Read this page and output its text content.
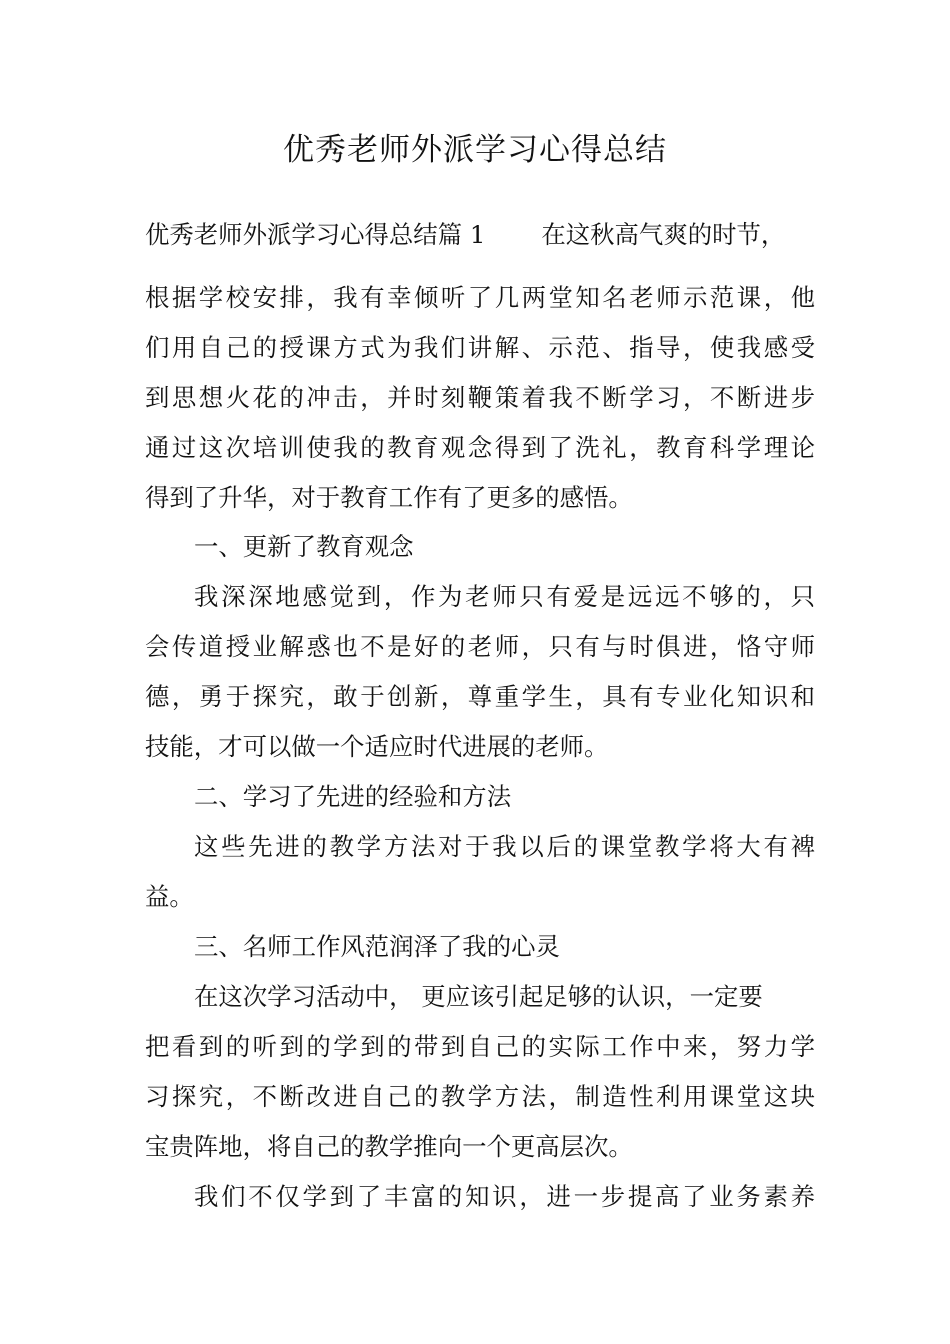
优秀老师外派学习心得总结
优秀老师外派学习心得总结篇 1 在这秋高气爽的时节，
根据学校安排，我有幸倾听了几两堂知名老师示范课，他
们用自己的授课方式为我们讲解、示范、指导，使我感受
到思想火花的冲击，并时刻鞭策着我不断学习，不断进步
通过这次培训使我的教育观念得到了洗礼，教育科学理论
得到了升华，对于教育工作有了更多的感悟。
一、更新了教育观念
我深深地感觉到，作为老师只有爱是远远不够的，只
会传道授业解惑也不是好的老师，只有与时俱进，恪守师
德，勇于探究，敢于创新，尊重学生，具有专业化知识和
技能，才可以做一个适应时代进展的老师。
二、学习了先进的经验和方法
这些先进的教学方法对于我以后的课堂教学将大有裨
益。
三、名师工作风范润泽了我的心灵
在这次学习活动中， 更应该引起足够的认识，一定要
把看到的听到的学到的带到自己的实际工作中来，努力学
习探究，不断改进自己的教学方法，制造性利用课堂这块
宝贵阵地，将自己的教学推向一个更高层次。
我们不仅学到了丰富的知识，进一步提高了业务素养
